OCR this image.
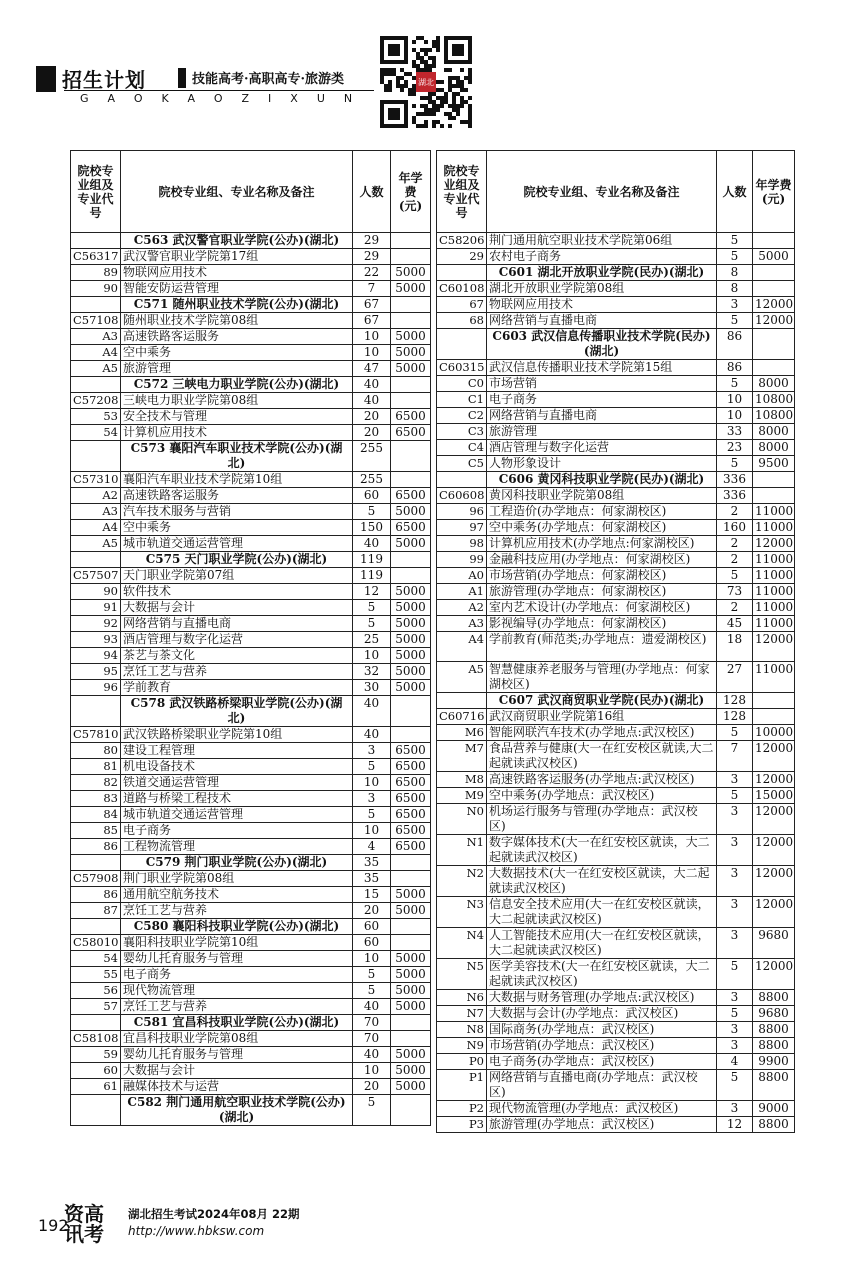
招生计划	技能高考·高职高专·旅游类
GAOKAOZIXUN
湖北
院校专业组及专业代号	院校专业组、专业名称及备注	人数	年学费(元)
	C563 武汉警官职业学院(公办)(湖北)	29	
C56317	武汉警官职业学院第17组	29	
89	物联网应用技术	22	5000
90	智能安防运营管理	7	5000
	C571 随州职业技术学院(公办)(湖北)	67	
C57108	随州职业技术学院第08组	67	
A3	高速铁路客运服务	10	5000
A4	空中乘务	10	5000
A5	旅游管理	47	5000
	C572 三峡电力职业学院(公办)(湖北)	40	
C57208	三峡电力职业学院第08组	40	
53	安全技术与管理	20	6500
54	计算机应用技术	20	6500
	C573 襄阳汽车职业技术学院(公办)(湖北)	255	
C57310	襄阳汽车职业技术学院第10组	255	
A2	高速铁路客运服务	60	6500
A3	汽车技术服务与营销	5	5000
A4	空中乘务	150	6500
A5	城市轨道交通运营管理	40	5000
	C575 天门职业学院(公办)(湖北)	119	
C57507	天门职业学院第07组	119	
90	软件技术	12	5000
91	大数据与会计	5	5000
92	网络营销与直播电商	5	5000
93	酒店管理与数字化运营	25	5000
94	茶艺与茶文化	10	5000
95	烹饪工艺与营养	32	5000
96	学前教育	30	5000
	C578 武汉铁路桥梁职业学院(公办)(湖北)	40	
C57810	武汉铁路桥梁职业学院第10组	40	
80	建设工程管理	3	6500
81	机电设备技术	5	6500
82	铁道交通运营管理	10	6500
83	道路与桥梁工程技术	3	6500
84	城市轨道交通运营管理	5	6500
85	电子商务	10	6500
86	工程物流管理	4	6500
	C579 荆门职业学院(公办)(湖北)	35	
C57908	荆门职业学院第08组	35	
86	通用航空航务技术	15	5000
87	烹饪工艺与营养	20	5000
	C580 襄阳科技职业学院(公办)(湖北)	60	
C58010	襄阳科技职业学院第10组	60	
54	婴幼儿托育服务与管理	10	5000
55	电子商务	5	5000
56	现代物流管理	5	5000
57	烹饪工艺与营养	40	5000
	C581 宜昌科技职业学院(公办)(湖北)	70	
C58108	宜昌科技职业学院第08组	70	
59	婴幼儿托育服务与管理	40	5000
60	大数据与会计	10	5000
61	融媒体技术与运营	20	5000
	C582 荆门通用航空职业技术学院(公办)(湖北)	5	
院校专业组及专业代号	院校专业组、专业名称及备注	人数	年学费(元)
C58206	荆门通用航空职业技术学院第06组	5	
29	农村电子商务	5	5000
	C601 湖北开放职业学院(民办)(湖北)	8	
C60108	湖北开放职业学院第08组	8	
67	物联网应用技术	3	12000
68	网络营销与直播电商	5	12000
	C603 武汉信息传播职业技术学院(民办)(湖北)	86	
C60315	武汉信息传播职业技术学院第15组	86	
C0	市场营销	5	8000
C1	电子商务	10	10800
C2	网络营销与直播电商	10	10800
C3	旅游管理	33	8000
C4	酒店管理与数字化运营	23	8000
C5	人物形象设计	5	9500
	C606 黄冈科技职业学院(民办)(湖北)	336	
C60608	黄冈科技职业学院第08组	336	
96	工程造价(办学地点：何家湖校区)	2	11000
97	空中乘务(办学地点：何家湖校区)	160	11000
98	计算机应用技术(办学地点:何家湖校区)	2	12000
99	金融科技应用(办学地点：何家湖校区)	2	11000
A0	市场营销(办学地点：何家湖校区)	5	11000
A1	旅游管理(办学地点：何家湖校区)	73	11000
A2	室内艺术设计(办学地点：何家湖校区)	2	11000
A3	影视编导(办学地点：何家湖校区)	45	11000
A4	学前教育(师范类;办学地点：遗爱湖校区)	18	12000
A5	智慧健康养老服务与管理(办学地点：何家湖校区)	27	11000
	C607 武汉商贸职业学院(民办)(湖北)	128	
C60716	武汉商贸职业学院第16组	128	
M6	智能网联汽车技术(办学地点:武汉校区)	5	10000
M7	食品营养与健康(大一在红安校区就读,大二起就读武汉校区)	7	12000
M8	高速铁路客运服务(办学地点:武汉校区)	3	12000
M9	空中乘务(办学地点：武汉校区)	5	15000
N0	机场运行服务与管理(办学地点：武汉校区)	3	12000
N1	数字媒体技术(大一在红安校区就读，大二起就读武汉校区)	3	12000
N2	大数据技术(大一在红安校区就读，大二起就读武汉校区)	3	12000
N3	信息安全技术应用(大一在红安校区就读，大二起就读武汉校区)	3	12000
N4	人工智能技术应用(大一在红安校区就读，大二起就读武汉校区)	3	9680
N5	医学美容技术(大一在红安校区就读，大二起就读武汉校区)	5	12000
N6	大数据与财务管理(办学地点:武汉校区)	3	8800
N7	大数据与会计(办学地点：武汉校区)	5	9680
N8	国际商务(办学地点：武汉校区)	3	8800
N9	市场营销(办学地点：武汉校区)	3	8800
P0	电子商务(办学地点：武汉校区)	4	9900
P1	网络营销与直播电商(办学地点：武汉校区)	5	8800
P2	现代物流管理(办学地点：武汉校区)	3	9000
P3	旅游管理(办学地点：武汉校区)	12	8800
192
资高讯考
湖北招生考试2024年08月 22期
http://www.hbksw.com
